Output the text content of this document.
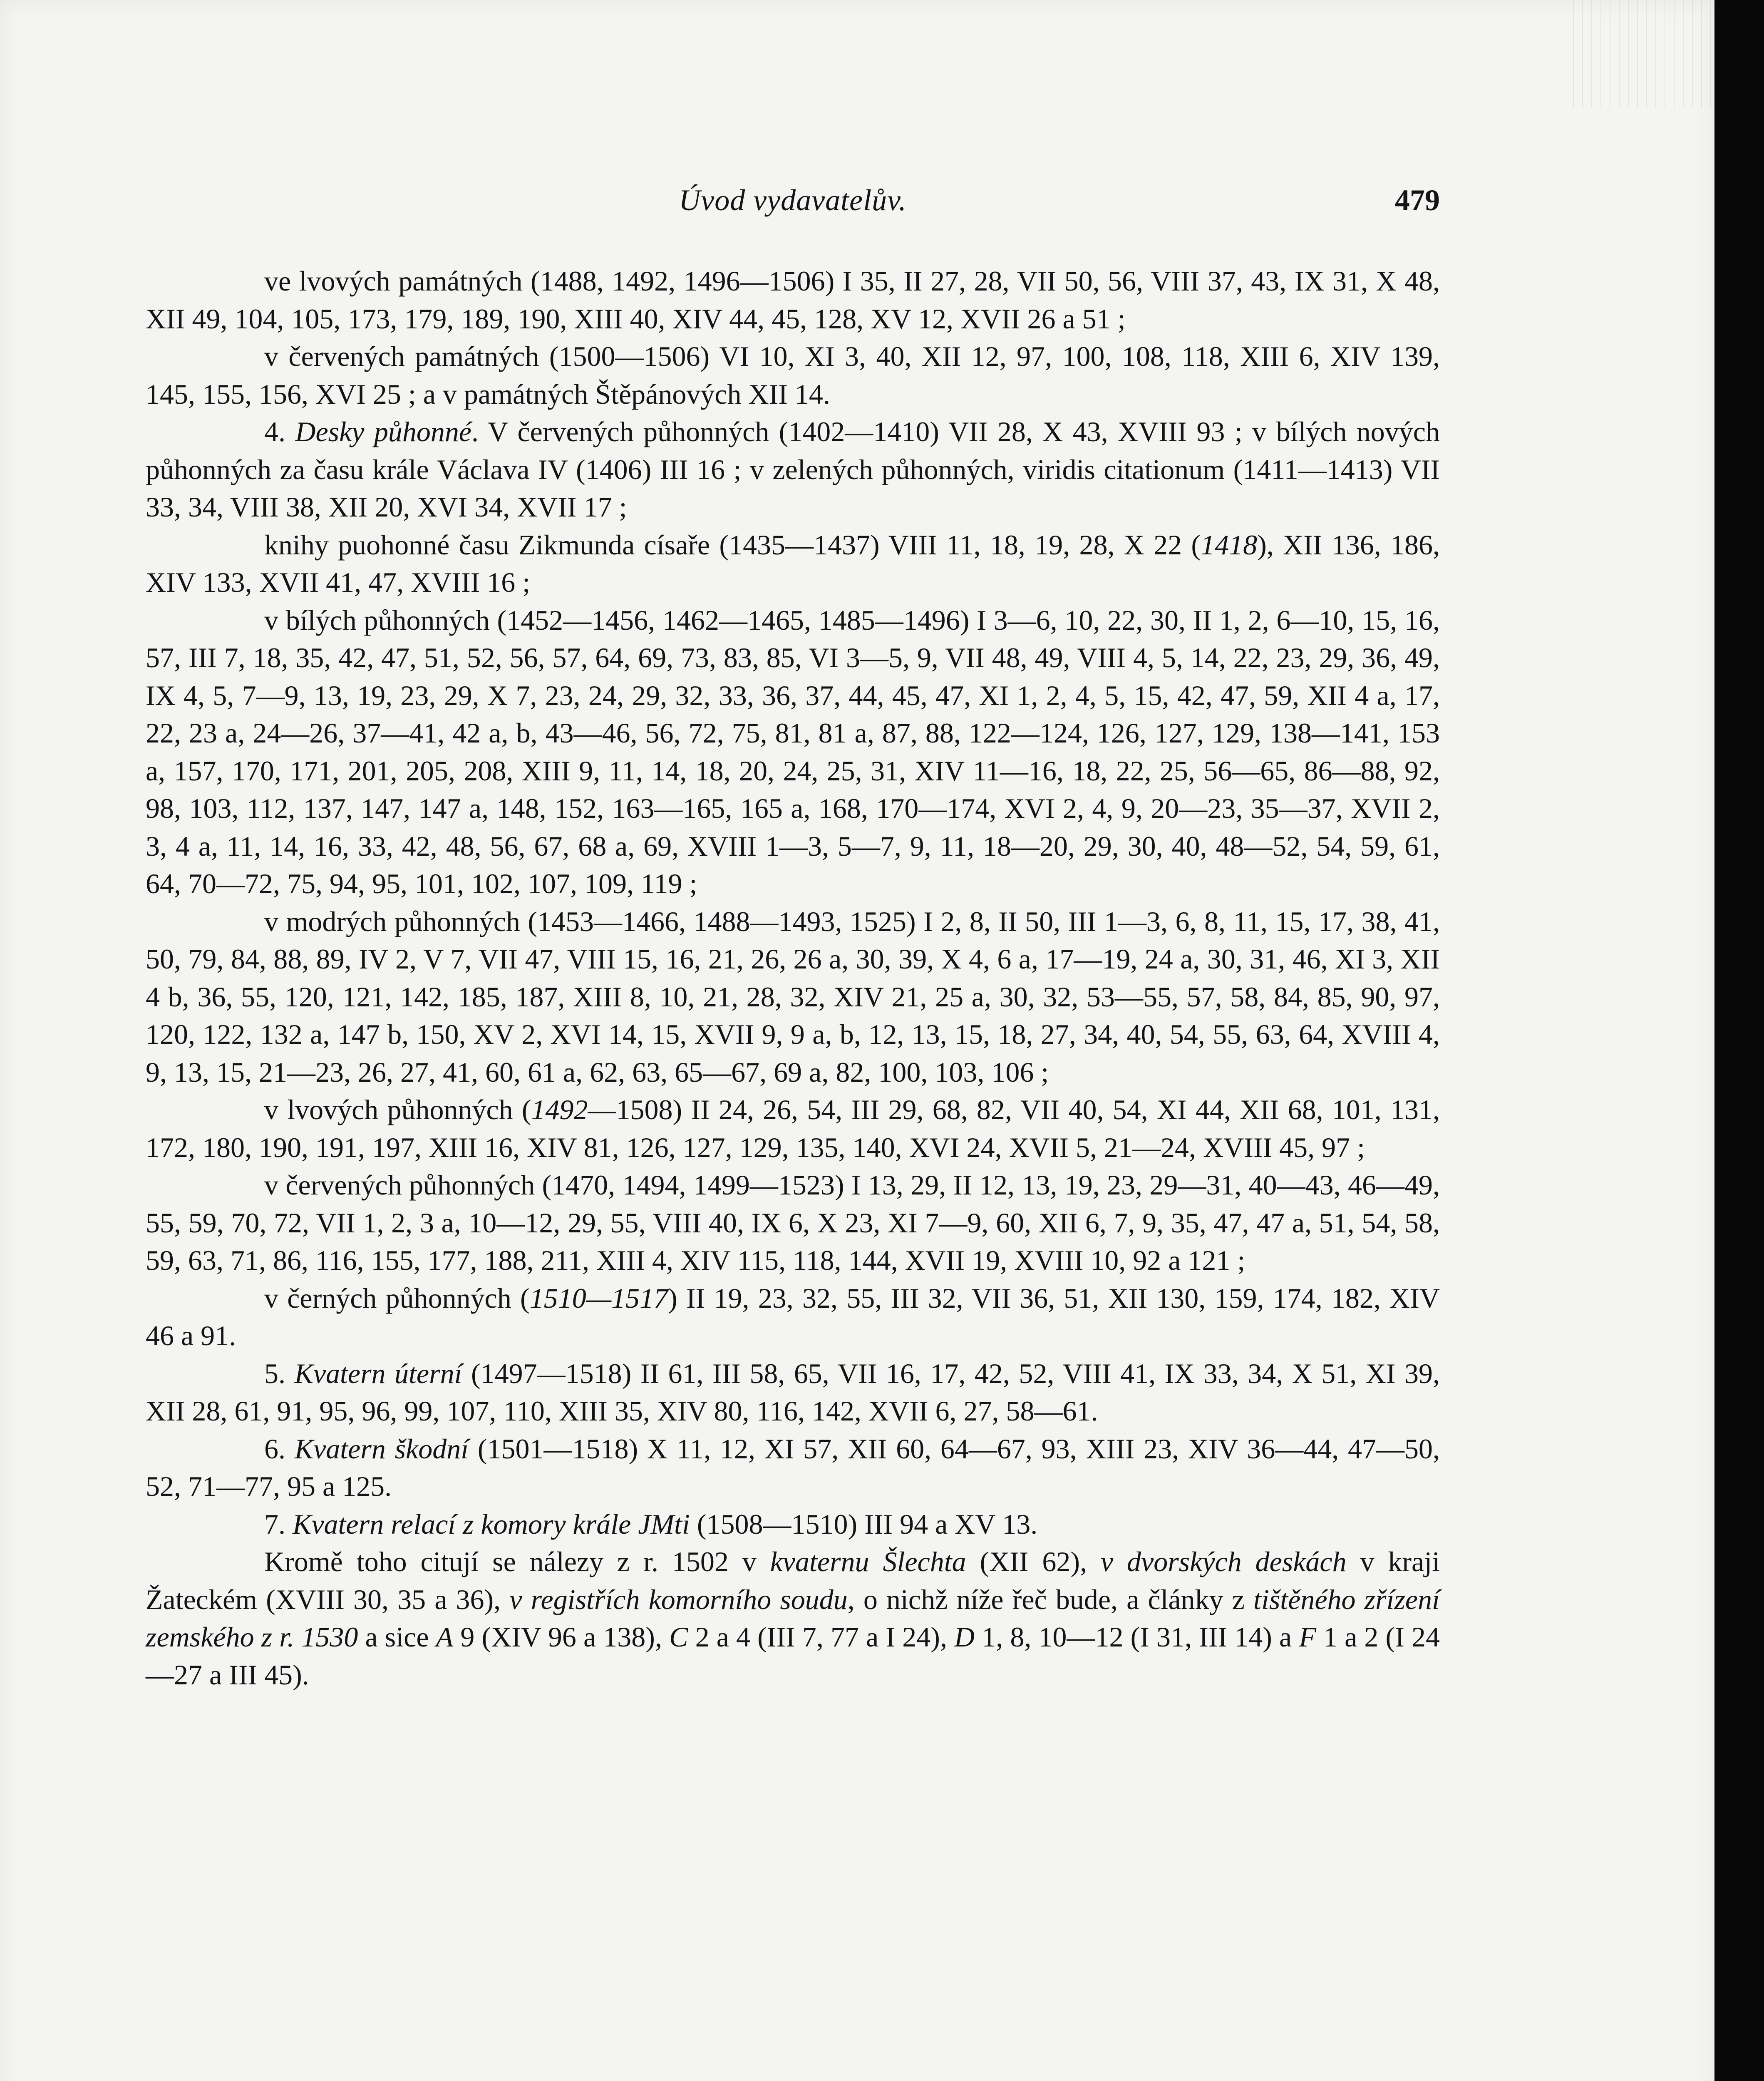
Úvod vydavatelův.	479

ve lvových památných (1488, 1492, 1496—1506) I 35, II 27, 28, VII 50, 56, VIII 37, 43, IX 31, X 48, XII 49, 104, 105, 173, 179, 189, 190, XIII 40, XIV 44, 45, 128, XV 12, XVII 26 a 51 ;

v červených památných (1500—1506) VI 10, XI 3, 40, XII 12, 97, 100, 108, 118, XIII 6, XIV 139, 145, 155, 156, XVI 25 ; a v památných Štěpánových XII 14.

4. Desky půhonné. V červených půhonných (1402—1410) VII 28, X 43, XVIII 93 ; v bílých nových půhonných za času krále Václava IV (1406) III 16 ; v zelených půhonných, viridis citationum (1411—1413) VII 33, 34, VIII 38, XII 20, XVI 34, XVII 17 ;

knihy puohonné času Zikmunda císaře (1435—1437) VIII 11, 18, 19, 28, X 22 (1418), XII 136, 186, XIV 133, XVII 41, 47, XVIII 16 ;

v bílých půhonných (1452—1456, 1462—1465, 1485—1496) I 3—6, 10, 22, 30, II 1, 2, 6—10, 15, 16, 57, III 7, 18, 35, 42, 47, 51, 52, 56, 57, 64, 69, 73, 83, 85, VI 3—5, 9, VII 48, 49, VIII 4, 5, 14, 22, 23, 29, 36, 49, IX 4, 5, 7—9, 13, 19, 23, 29, X 7, 23, 24, 29, 32, 33, 36, 37, 44, 45, 47, XI 1, 2, 4, 5, 15, 42, 47, 59, XII 4 a, 17, 22, 23 a, 24—26, 37—41, 42 a, b, 43—46, 56, 72, 75, 81, 81 a, 87, 88, 122—124, 126, 127, 129, 138—141, 153 a, 157, 170, 171, 201, 205, 208, XIII 9, 11, 14, 18, 20, 24, 25, 31, XIV 11—16, 18, 22, 25, 56—65, 86—88, 92, 98, 103, 112, 137, 147, 147 a, 148, 152, 163—165, 165 a, 168, 170—174, XVI 2, 4, 9, 20—23, 35—37, XVII 2, 3, 4 a, 11, 14, 16, 33, 42, 48, 56, 67, 68 a, 69, XVIII 1—3, 5—7, 9, 11, 18—20, 29, 30, 40, 48—52, 54, 59, 61, 64, 70—72, 75, 94, 95, 101, 102, 107, 109, 119 ;

v modrých půhonných (1453—1466, 1488—1493, 1525) I 2, 8, II 50, III 1—3, 6, 8, 11, 15, 17, 38, 41, 50, 79, 84, 88, 89, IV 2, V 7, VII 47, VIII 15, 16, 21, 26, 26 a, 30, 39, X 4, 6 a, 17—19, 24 a, 30, 31, 46, XI 3, XII 4 b, 36, 55, 120, 121, 142, 185, 187, XIII 8, 10, 21, 28, 32, XIV 21, 25 a, 30, 32, 53—55, 57, 58, 84, 85, 90, 97, 120, 122, 132 a, 147 b, 150, XV 2, XVI 14, 15, XVII 9, 9 a, b, 12, 13, 15, 18, 27, 34, 40, 54, 55, 63, 64, XVIII 4, 9, 13, 15, 21—23, 26, 27, 41, 60, 61 a, 62, 63, 65—67, 69 a, 82, 100, 103, 106 ;

v lvových půhonných (1492—1508) II 24, 26, 54, III 29, 68, 82, VII 40, 54, XI 44, XII 68, 101, 131, 172, 180, 190, 191, 197, XIII 16, XIV 81, 126, 127, 129, 135, 140, XVI 24, XVII 5, 21—24, XVIII 45, 97 ;

v červených půhonných (1470, 1494, 1499—1523) I 13, 29, II 12, 13, 19, 23, 29—31, 40—43, 46—49, 55, 59, 70, 72, VII 1, 2, 3 a, 10—12, 29, 55, VIII 40, IX 6, X 23, XI 7—9, 60, XII 6, 7, 9, 35, 47, 47 a, 51, 54, 58, 59, 63, 71, 86, 116, 155, 177, 188, 211, XIII 4, XIV 115, 118, 144, XVII 19, XVIII 10, 92 a 121 ;

v černých půhonných (1510—1517) II 19, 23, 32, 55, III 32, VII 36, 51, XII 130, 159, 174, 182, XIV 46 a 91.

5. Kvatern úterní (1497—1518) II 61, III 58, 65, VII 16, 17, 42, 52, VIII 41, IX 33, 34, X 51, XI 39, XII 28, 61, 91, 95, 96, 99, 107, 110, XIII 35, XIV 80, 116, 142, XVII 6, 27, 58—61.

6. Kvatern škodní (1501—1518) X 11, 12, XI 57, XII 60, 64—67, 93, XIII 23, XIV 36—44, 47—50, 52, 71—77, 95 a 125.

7. Kvatern relací z komory krále JMti (1508—1510) III 94 a XV 13.

Kromě toho citují se nálezy z r. 1502 v kvaternu Šlechta (XII 62), v dvorských deskách v kraji Žateckém (XVIII 30, 35 a 36), v registřích komorního soudu, o nichž níže řeč bude, a články z tištěného zřízení zemského z r. 1530 a sice A 9 (XIV 96 a 138), C 2 a 4 (III 7, 77 a I 24), D 1, 8, 10—12 (I 31, III 14) a F 1 a 2 (I 24—27 a III 45).
